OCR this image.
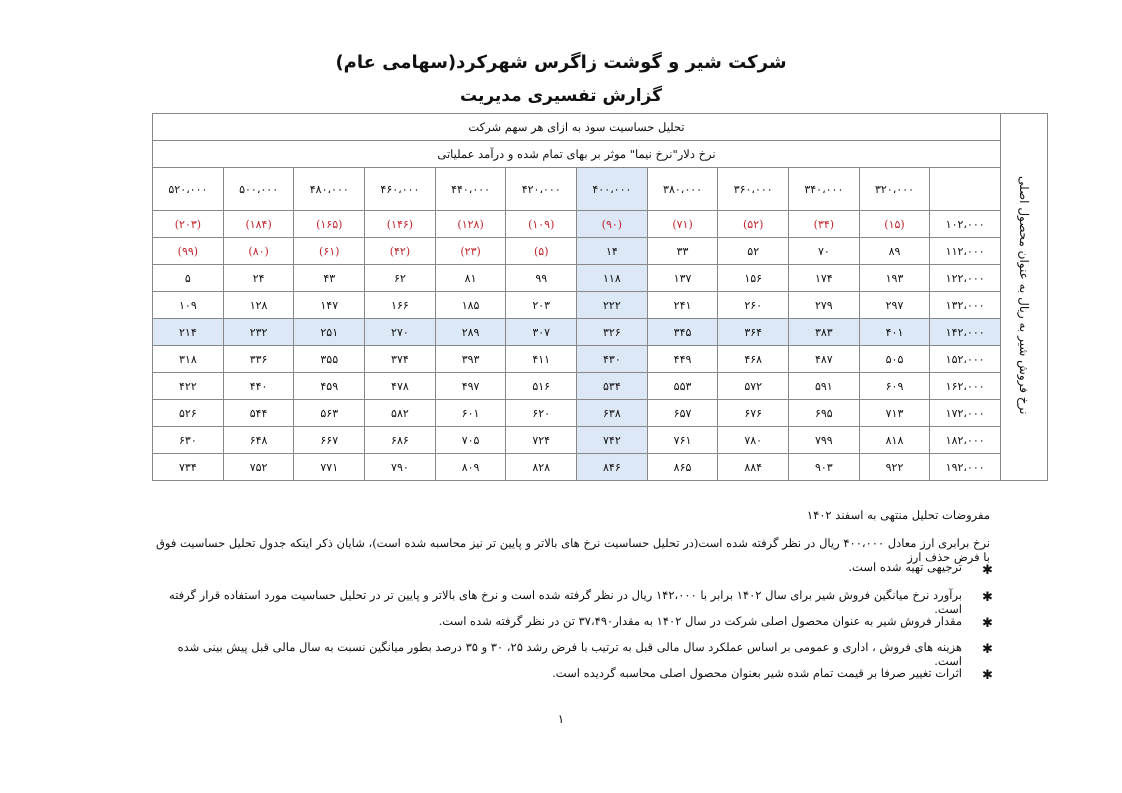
شرکت شیر و گوشت زاگرس شهرکرد(سهامی عام)
گزارش تفسیری مدیریت
نرخ فروش شیر به ریال به عنوان محصول اصلی	تحلیل حساسیت سود به ازای هر سهم شرکت											
	نرخ دلار"نرخ نیما" موثر بر بهای تمام شده و درآمد عملیاتی											
		۳۲۰،۰۰۰	۳۴۰،۰۰۰	۳۶۰،۰۰۰	۳۸۰،۰۰۰	۴۰۰،۰۰۰	۴۲۰،۰۰۰	۴۴۰،۰۰۰	۴۶۰،۰۰۰	۴۸۰،۰۰۰	۵۰۰،۰۰۰	۵۲۰،۰۰۰
	۱۰۲،۰۰۰	(۱۵)	(۳۴)	(۵۲)	(۷۱)	(۹۰)	(۱۰۹)	(۱۲۸)	(۱۴۶)	(۱۶۵)	(۱۸۴)	(۲۰۳)
	۱۱۲،۰۰۰	۸۹	۷۰	۵۲	۳۳	۱۴	(۵)	(۲۳)	(۴۲)	(۶۱)	(۸۰)	(۹۹)
	۱۲۲،۰۰۰	۱۹۳	۱۷۴	۱۵۶	۱۳۷	۱۱۸	۹۹	۸۱	۶۲	۴۳	۲۴	۵
	۱۳۲،۰۰۰	۲۹۷	۲۷۹	۲۶۰	۲۴۱	۲۲۲	۲۰۳	۱۸۵	۱۶۶	۱۴۷	۱۲۸	۱۰۹
	۱۴۲،۰۰۰	۴۰۱	۳۸۳	۳۶۴	۳۴۵	۳۲۶	۳۰۷	۲۸۹	۲۷۰	۲۵۱	۲۳۲	۲۱۴
	۱۵۲،۰۰۰	۵۰۵	۴۸۷	۴۶۸	۴۴۹	۴۳۰	۴۱۱	۳۹۳	۳۷۴	۳۵۵	۳۳۶	۳۱۸
	۱۶۲،۰۰۰	۶۰۹	۵۹۱	۵۷۲	۵۵۳	۵۳۴	۵۱۶	۴۹۷	۴۷۸	۴۵۹	۴۴۰	۴۲۲
	۱۷۲،۰۰۰	۷۱۳	۶۹۵	۶۷۶	۶۵۷	۶۳۸	۶۲۰	۶۰۱	۵۸۲	۵۶۳	۵۴۴	۵۲۶
	۱۸۲،۰۰۰	۸۱۸	۷۹۹	۷۸۰	۷۶۱	۷۴۲	۷۲۴	۷۰۵	۶۸۶	۶۶۷	۶۴۸	۶۳۰
	۱۹۲،۰۰۰	۹۲۲	۹۰۳	۸۸۴	۸۶۵	۸۴۶	۸۲۸	۸۰۹	۷۹۰	۷۷۱	۷۵۲	۷۳۴
مفروضات تحلیل منتهی به اسفند ۱۴۰۲
نرخ برابری ارز معادل ۴۰۰،۰۰۰ ریال در نظر گرفته شده است(در تحلیل حساسیت نرخ های بالاتر و پایین تر نیز محاسبه شده است)، شایان ذکر اینکه جدول تحلیل حساسیت فوق با فرض حذف ارز
ترجیهی تهیه شده است. ✱
برآورد نرخ میانگین فروش شیر برای سال ۱۴۰۲ برابر با ۱۴۲،۰۰۰ ریال در نظر گرفته شده است و نرخ های بالاتر و پایین تر در تحلیل حساسیت مورد استفاده قرار گرفته است.
✱
مقدار فروش شیر به عنوان محصول اصلی شرکت در سال ۱۴۰۲ به مقدار۳۷،۴۹۰ تن در نظر گرفته شده است. ✱
هزینه های فروش ، اداری و عمومی بر اساس عملکرد سال مالی قبل به ترتیب با فرض رشد ۲۵، ۳۰ و ۳۵ درصد بطور میانگین نسبت به سال مالی قبل پیش بینی شده است.
✱
اثرات تغییر صرفا بر قیمت تمام شده شیر بعنوان محصول اصلی محاسبه گردیده است. ✱
۱
